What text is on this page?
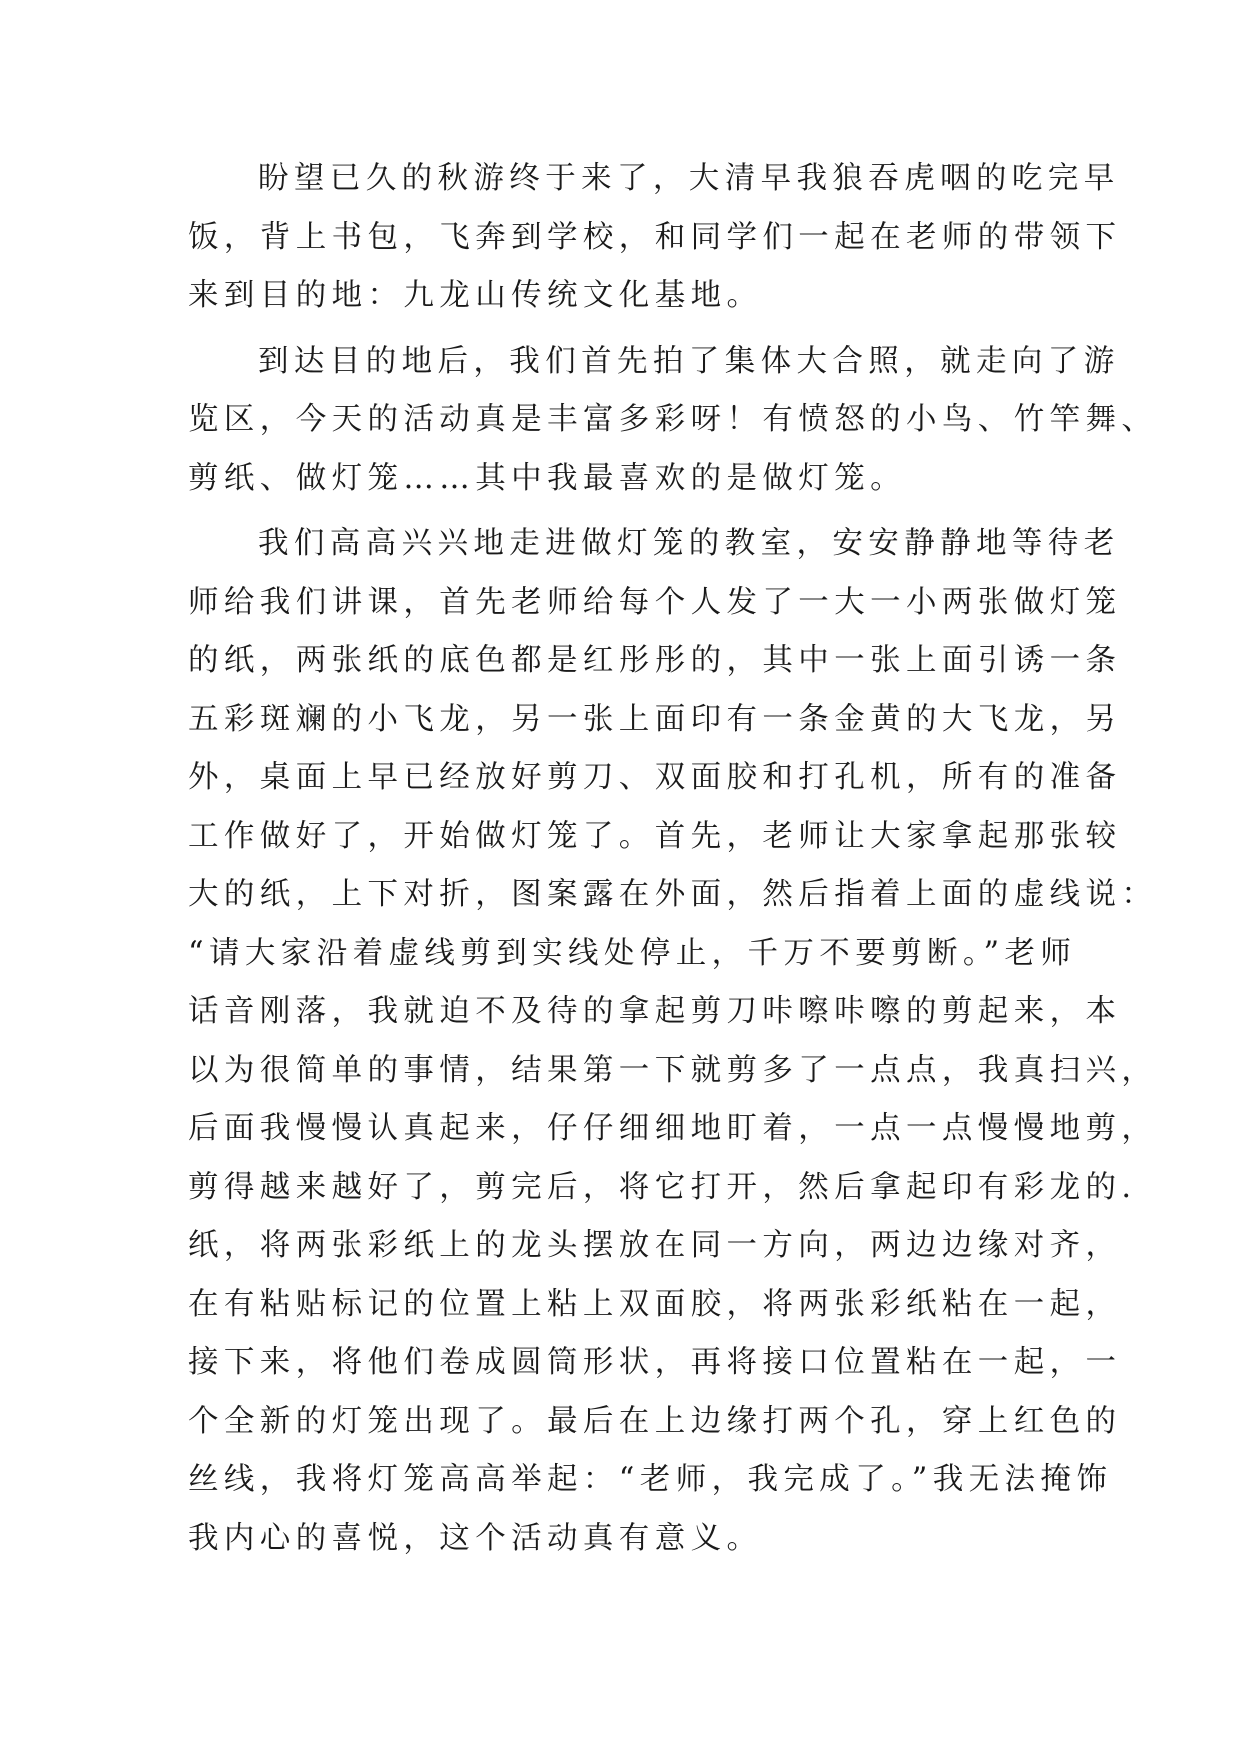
盼望已久的秋游终于来了，大清早我狼吞虎咽的吃完早
饭，背上书包，飞奔到学校，和同学们一起在老师的带领下
来到目的地：九龙山传统文化基地。
到达目的地后，我们首先拍了集体大合照，就走向了游
览区，今天的活动真是丰富多彩呀！有愤怒的小鸟、竹竿舞、
剪纸、做灯笼……其中我最喜欢的是做灯笼。
我们高高兴兴地走进做灯笼的教室，安安静静地等待老
师给我们讲课，首先老师给每个人发了一大一小两张做灯笼
的纸，两张纸的底色都是红彤彤的，其中一张上面引诱一条
五彩斑斓的小飞龙，另一张上面印有一条金黄的大飞龙，另
外，桌面上早已经放好剪刀、双面胶和打孔机，所有的准备
工作做好了，开始做灯笼了。首先，老师让大家拿起那张较
大的纸，上下对折，图案露在外面，然后指着上面的虚线说：
“请大家沿着虚线剪到实线处停止，千万不要剪断。”老师
话音刚落，我就迫不及待的拿起剪刀咔嚓咔嚓的剪起来，本
以为很简单的事情，结果第一下就剪多了一点点，我真扫兴，
后面我慢慢认真起来，仔仔细细地盯着，一点一点慢慢地剪，
剪得越来越好了，剪完后，将它打开，然后拿起印有彩龙的.
纸，将两张彩纸上的龙头摆放在同一方向，两边边缘对齐，
在有粘贴标记的位置上粘上双面胶，将两张彩纸粘在一起，
接下来，将他们卷成圆筒形状，再将接口位置粘在一起，一
个全新的灯笼出现了。最后在上边缘打两个孔，穿上红色的
丝线，我将灯笼高高举起：“老师，我完成了。”我无法掩饰
我内心的喜悦，这个活动真有意义。
